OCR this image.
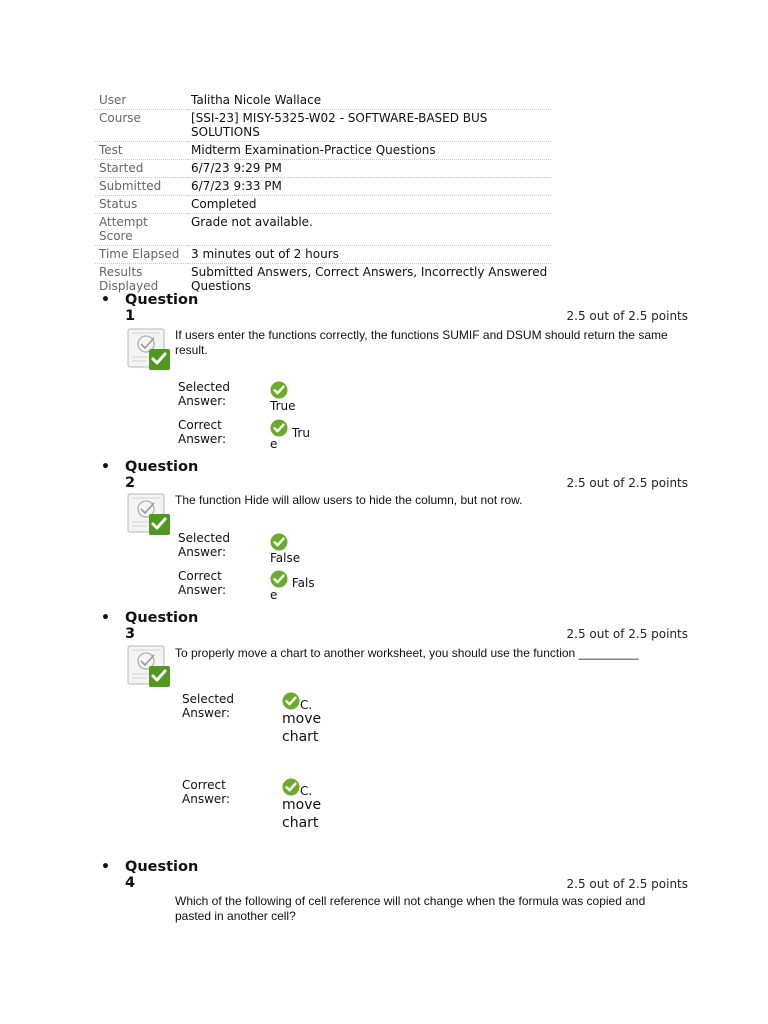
User	Talitha Nicole Wallace
Course	[SSI-23] MISY-5325-W02 - SOFTWARE-BASED BUS SOLUTIONS
Test	Midterm Examination-Practice Questions
Started	6/7/23 9:29 PM
Submitted	6/7/23 9:33 PM
Status	Completed
Attempt Score	Grade not available.
Time Elapsed	3 minutes out of 2 hours
Results Displayed	Submitted Answers, Correct Answers, Incorrectly Answered Questions
• Question 1	2.5 out of 2.5 points
If users enter the functions correctly, the functions SUMIF and DSUM should return the same result.
Selected Answer:	True
Correct Answer:	Tru
e
• Question 2	2.5 out of 2.5 points
The function Hide will allow users to hide the column, but not row.
Selected Answer:	False
Correct Answer:	Fals
e
• Question 3	2.5 out of 2.5 points
To properly move a chart to another worksheet, you should use the function _________
Selected Answer:
C.
move
chart
Correct Answer:
C.
move
chart
• Question 4	2.5 out of 2.5 points
Which of the following of cell reference will not change when the formula was copied and pasted in another cell?
